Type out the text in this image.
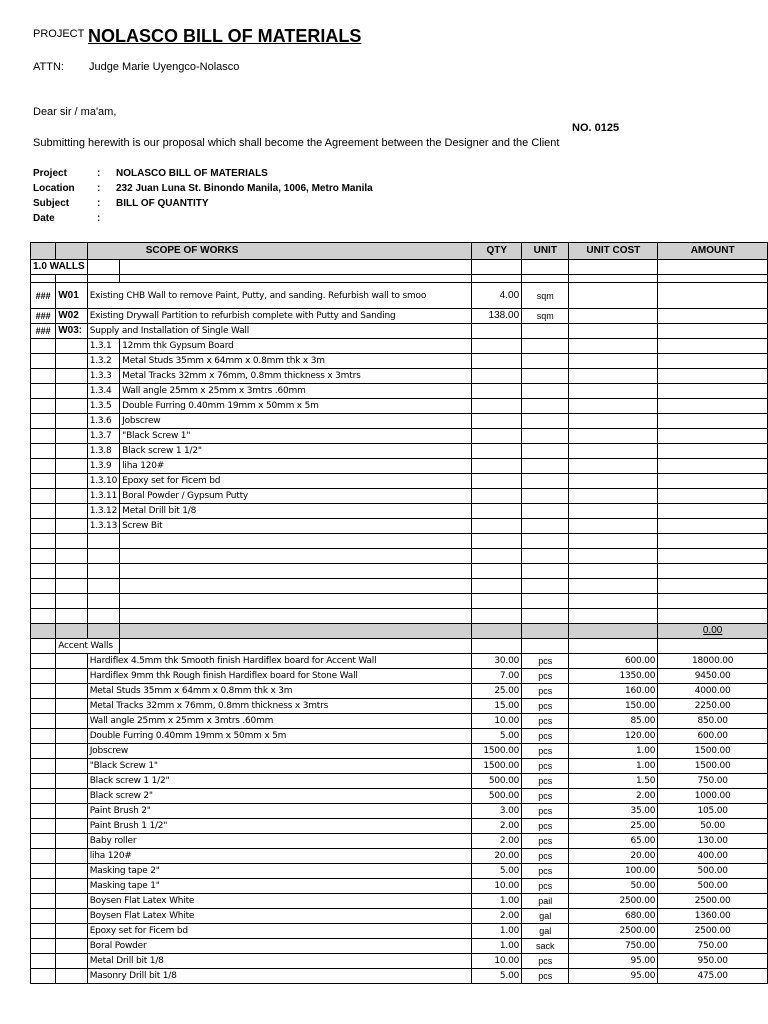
PROJECT NOLASCO BILL OF MATERIALS
ATTN: Judge Marie Uyengco-Nolasco
Dear sir / ma'am,
NO. 0125
Submitting herewith is our proposal which shall become the Agreement between the Designer and the Client
Project	: NOLASCO BILL OF MATERIALS
Location : 232 Juan Luna St. Binondo Manila, 1006, Metro Manila
Subject	: BILL OF QUANTITY
Date	:
		SCOPE OF WORKS		QTY	UNIT	UNIT COST	AMOUNT
1.0 WALLS							

###	W01	Existing CHB Wall to remove Paint, Putty, and sanding. Refurbish wall to smoo		4.00	sqm		
###	W02	Existing Drywall Partition to refurbish complete with Putty and Sanding		138.00	sqm		
###	W03:	Supply and Installation of Single Wall					
		1.3.1	12mm thk Gypsum Board				
		1.3.2	Metal Studs 35mm x 64mm x 0.8mm thk x 3m				
		1.3.3	Metal Tracks 32mm x 76mm, 0.8mm thickness x 3mtrs				
		1.3.4	Wall angle 25mm x 25mm x 3mtrs .60mm				
		1.3.5	Double Furring 0.40mm 19mm x 50mm x 5m				
		1.3.6	Jobscrew				
		1.3.7	"Black Screw 1"				
		1.3.8	Black screw 1 1/2"				
		1.3.9	liha 120#				
		1.3.10	Epoxy set for Ficem bd				
		1.3.11	Boral Powder / Gypsum Putty				
		1.3.12	Metal Drill bit 1/8				
		1.3.13	Screw Bit				

							0.00
	Accent Walls						
		Hardiflex 4.5mm thk Smooth finish Hardiflex board for Accent Wall		30.00	pcs	600.00	18000.00
		Hardiflex 9mm thk Rough finish Hardiflex board for Stone Wall		7.00	pcs	1350.00	9450.00
		Metal Studs 35mm x 64mm x 0.8mm thk x 3m		25.00	pcs	160.00	4000.00
		Metal Tracks 32mm x 76mm, 0.8mm thickness x 3mtrs		15.00	pcs	150.00	2250.00
		Wall angle 25mm x 25mm x 3mtrs .60mm		10.00	pcs	85.00	850.00
		Double Furring 0.40mm 19mm x 50mm x 5m		5.00	pcs	120.00	600.00
		Jobscrew		1500.00	pcs	1.00	1500.00
		"Black Screw 1"		1500.00	pcs	1.00	1500.00
		Black screw 1 1/2"		500.00	pcs	1.50	750.00
		Black screw 2"		500.00	pcs	2.00	1000.00
		Paint Brush 2"		3.00	pcs	35.00	105.00
		Paint Brush 1 1/2"		2.00	pcs	25.00	50.00
		Baby roller		2.00	pcs	65.00	130.00
		liha 120#		20.00	pcs	20.00	400.00
		Masking tape 2"		5.00	pcs	100.00	500.00
		Masking tape 1"		10.00	pcs	50.00	500.00
		Boysen Flat Latex White		1.00	pail	2500.00	2500.00
		Boysen Flat Latex White		2.00	gal	680.00	1360.00
		Epoxy set for Ficem bd		1.00	gal	2500.00	2500.00
		Boral Powder		1.00	sack	750.00	750.00
		Metal Drill bit 1/8		10.00	pcs	95.00	950.00
		Masonry Drill bit 1/8		5.00	pcs	95.00	475.00
